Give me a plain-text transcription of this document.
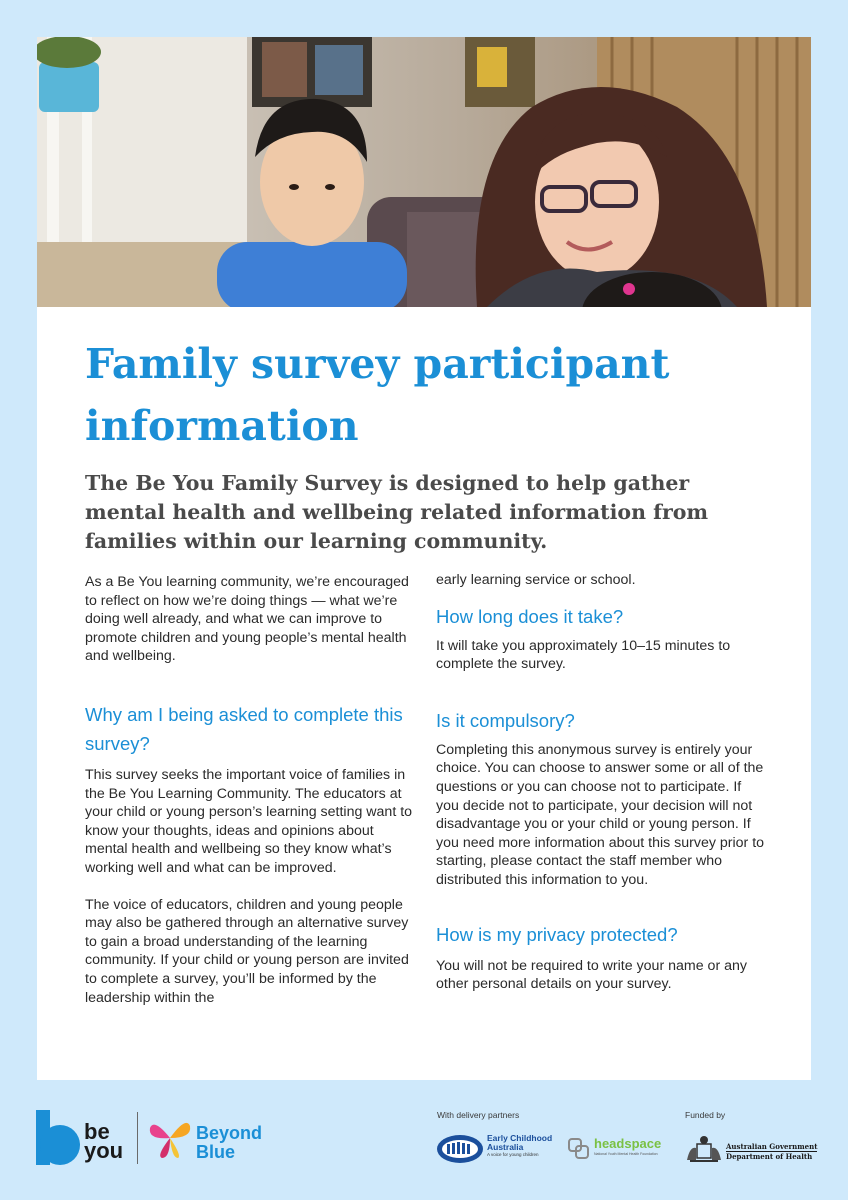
Family survey participant information

The Be You Family Survey is designed to help gather mental health and wellbeing related information from families within our learning community.

As a Be You learning community, we’re encouraged to reflect on how we’re doing things — what we’re doing well already, and what we can improve to promote children and young people’s mental health and wellbeing.

Why am I being asked to complete this survey?

This survey seeks the important voice of families in the Be You Learning Community. The educators at your child or young person’s learning setting want to know your thoughts, ideas and opinions about mental health and wellbeing so they know what’s working well and what can be improved.

The voice of educators, children and young people may also be gathered through an alternative survey to gain a broad understanding of the learning community. If your child or young person are invited to complete a survey, you’ll be informed by the leadership within the

early learning service or school.

How long does it take?

It will take you approximately 10–15 minutes to complete the survey.

Is it compulsory?

Completing this anonymous survey is entirely your choice. You can choose to answer some or all of the questions or you can choose not to participate. If you decide not to participate, your decision will not disadvantage you or your child or young person. If you need more information about this survey prior to starting, please contact the staff member who distributed this information to you.

How is my privacy protected?

You will not be required to write your name or any other personal details on your survey.

be
you
Beyond
Blue
With delivery partners	Funded by
Early Childhood
Australia
A voice for young children
headspace
National Youth Mental Health Foundation
Australian Government
Department of Health
